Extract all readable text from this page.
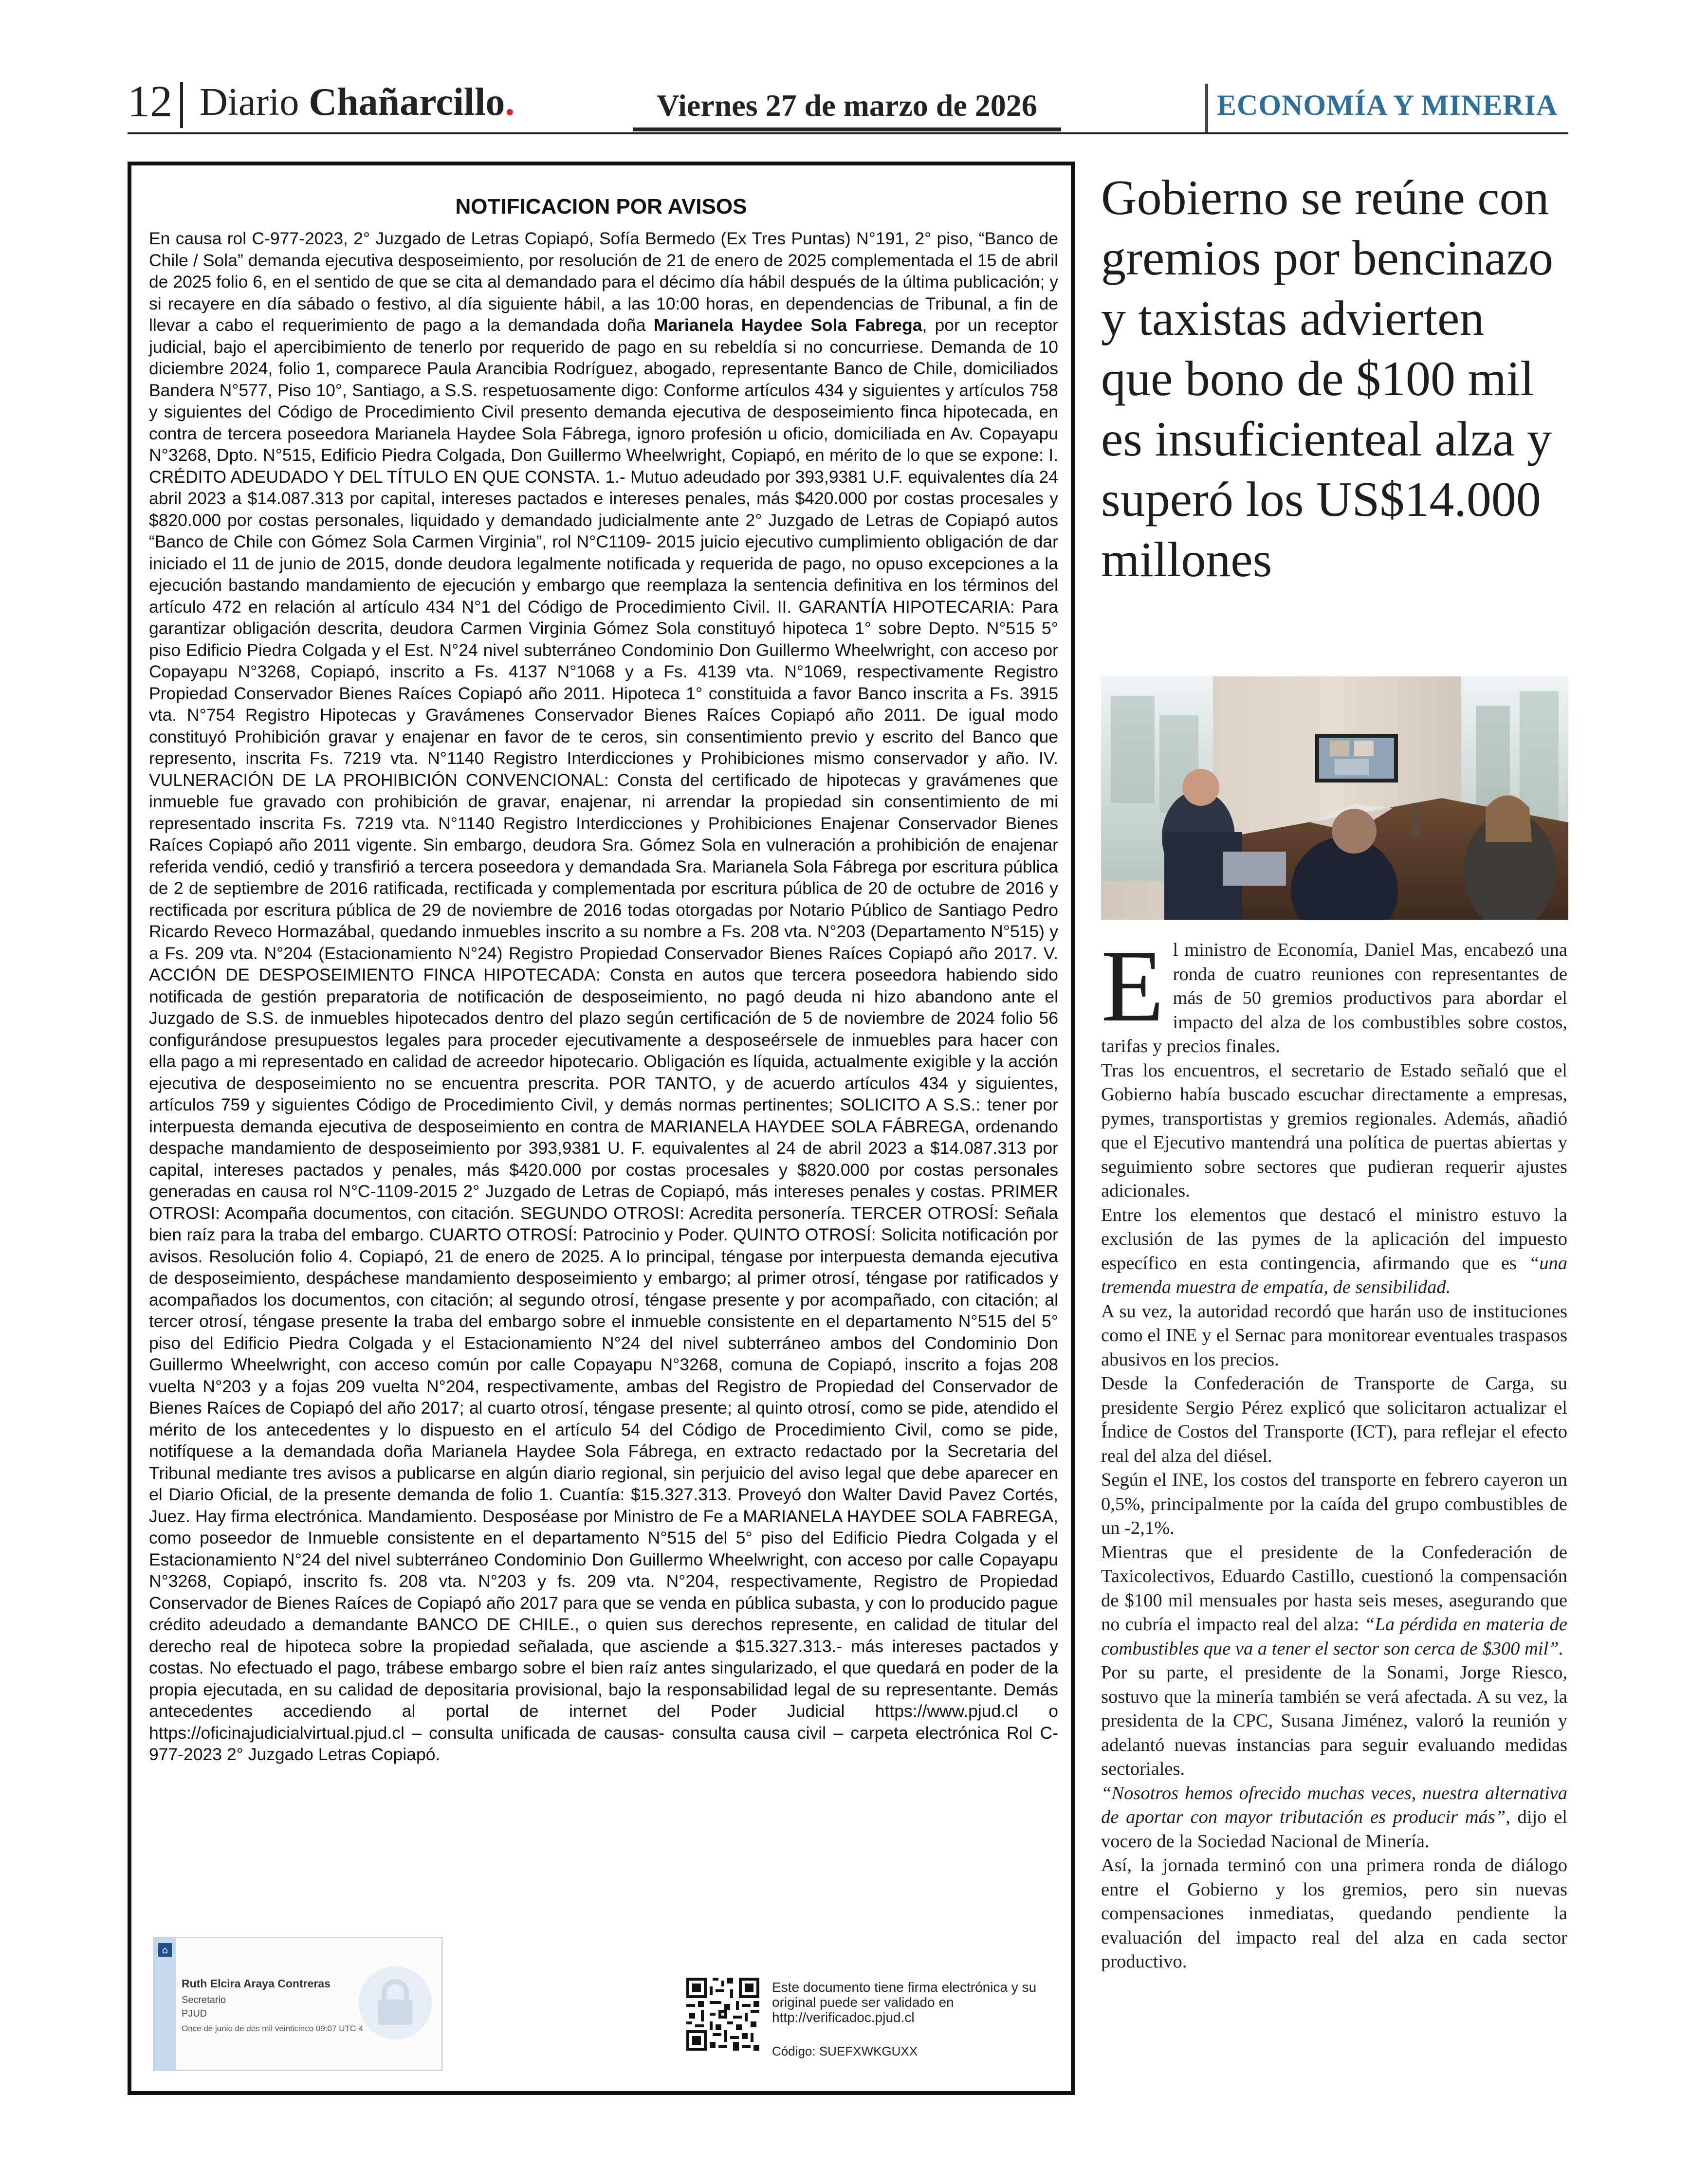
12 Diario Chañarcillo.	Viernes 27 de marzo de 2026	ECONOMÍA Y MINERIA
NOTIFICACION POR AVISOS

En causa rol C-977-2023, 2° Juzgado de Letras Copiapó, Sofía Bermedo (Ex Tres Puntas) N°191, 2° piso, “Banco de Chile / Sola” demanda ejecutiva desposeimiento, por resolución de 21 de enero de 2025 complementada el 15 de abril de 2025 folio 6, en el sentido de que se cita al demandado para el décimo día hábil después de la última publicación; y si recayere en día sábado o festivo, al día siguiente hábil, a las 10:00 horas, en dependencias de Tribunal, a fin de llevar a cabo el requerimiento de pago a la demandada doña Marianela Haydee Sola Fabrega, por un receptor judicial, bajo el apercibimiento de tenerlo por requerido de pago en su rebeldía si no concurriese. Demanda de 10 diciembre 2024, folio 1, comparece Paula Arancibia Rodríguez, abogado, representante Banco de Chile, domiciliados Bandera N°577, Piso 10°, Santiago, a S.S. respetuosamente digo: Conforme artículos 434 y siguientes y artículos 758 y siguientes del Código de Procedimiento Civil presento demanda ejecutiva de desposeimiento finca hipotecada, en contra de tercera poseedora Marianela Haydee Sola Fábrega, ignoro profesión u oficio, domiciliada en Av. Copayapu N°3268, Dpto. N°515, Edificio Piedra Colgada, Don Guillermo Wheelwright, Copiapó, en mérito de lo que se expone: I. CRÉDITO ADEUDADO Y DEL TÍTULO EN QUE CONSTA. 1.- Mutuo adeudado por 393,9381 U.F. equivalentes día 24 abril 2023 a $14.087.313 por capital, intereses pactados e intereses penales, más $420.000 por costas procesales y $820.000 por costas personales, liquidado y demandado judicialmente ante 2° Juzgado de Letras de Copiapó autos “Banco de Chile con Gómez Sola Carmen Virginia”, rol N°C1109- 2015 juicio ejecutivo cumplimiento obligación de dar iniciado el 11 de junio de 2015, donde deudora legalmente notificada y requerida de pago, no opuso excepciones a la ejecución bastando mandamiento de ejecución y embargo que reemplaza la sentencia definitiva en los términos del artículo 472 en relación al artículo 434 N°1 del Código de Procedimiento Civil. II. GARANTÍA HIPOTECARIA: Para garantizar obligación descrita, deudora Carmen Virginia Gómez Sola constituyó hipoteca 1° sobre Depto. N°515 5° piso Edificio Piedra Colgada y el Est. N°24 nivel subterráneo Condominio Don Guillermo Wheelwright, con acceso por Copayapu N°3268, Copiapó, inscrito a Fs. 4137 N°1068 y a Fs. 4139 vta. N°1069, respectivamente Registro Propiedad Conservador Bienes Raíces Copiapó año 2011. Hipoteca 1° constituida a favor Banco inscrita a Fs. 3915 vta. N°754 Registro Hipotecas y Gravámenes Conservador Bienes Raíces Copiapó año 2011. De igual modo constituyó Prohibición gravar y enajenar en favor de te ceros, sin consentimiento previo y escrito del Banco que represento, inscrita Fs. 7219 vta. N°1140 Registro Interdicciones y Prohibiciones mismo conservador y año. IV. VULNERACIÓN DE LA PROHIBICIÓN CONVENCIONAL: Consta del certificado de hipotecas y gravámenes que inmueble fue gravado con prohibición de gravar, enajenar, ni arrendar la propiedad sin consentimiento de mi representado inscrita Fs. 7219 vta. N°1140 Registro Interdicciones y Prohibiciones Enajenar Conservador Bienes Raíces Copiapó año 2011 vigente. Sin embargo, deudora Sra. Gómez Sola en vulneración a prohibición de enajenar referida vendió, cedió y transfirió a tercera poseedora y demandada Sra. Marianela Sola Fábrega por escritura pública de 2 de septiembre de 2016 ratificada, rectificada y complementada por escritura pública de 20 de octubre de 2016 y rectificada por escritura pública de 29 de noviembre de 2016 todas otorgadas por Notario Público de Santiago Pedro Ricardo Reveco Hormazábal, quedando inmuebles inscrito a su nombre a Fs. 208 vta. N°203 (Departamento N°515) y a Fs. 209 vta. N°204 (Estacionamiento N°24) Registro Propiedad Conservador Bienes Raíces Copiapó año 2017. V. ACCIÓN DE DESPOSEIMIENTO FINCA HIPOTECADA: Consta en autos que tercera poseedora habiendo sido notificada de gestión preparatoria de notificación de desposeimiento, no pagó deuda ni hizo abandono ante el Juzgado de S.S. de inmuebles hipotecados dentro del plazo según certificación de 5 de noviembre de 2024 folio 56 configurándose presupuestos legales para proceder ejecutivamente a desposeérsele de inmuebles para hacer con ella pago a mi representado en calidad de acreedor hipotecario. Obligación es líquida, actualmente exigible y la acción ejecutiva de desposeimiento no se encuentra prescrita. POR TANTO, y de acuerdo artículos 434 y siguientes, artículos 759 y siguientes Código de Procedimiento Civil, y demás normas pertinentes; SOLICITO A S.S.: tener por interpuesta demanda ejecutiva de desposeimiento en contra de MARIANELA HAYDEE SOLA FÁBREGA, ordenando despache mandamiento de desposeimiento por 393,9381 U. F. equivalentes al 24 de abril 2023 a $14.087.313 por capital, intereses pactados y penales, más $420.000 por costas procesales y $820.000 por costas personales generadas en causa rol N°C-1109-2015 2° Juzgado de Letras de Copiapó, más intereses penales y costas. PRIMER OTROSI: Acompaña documentos, con citación. SEGUNDO OTROSI: Acredita personería. TERCER OTROSÍ: Señala bien raíz para la traba del embargo. CUARTO OTROSÍ: Patrocinio y Poder. QUINTO OTROSÍ: Solicita notificación por avisos. Resolución folio 4. Copiapó, 21 de enero de 2025. A lo principal, téngase por interpuesta demanda ejecutiva de desposeimiento, despáchese mandamiento desposeimiento y embargo; al primer otrosí, téngase por ratificados y acompañados los documentos, con citación; al segundo otrosí, téngase presente y por acompañado, con citación; al tercer otrosí, téngase presente la traba del embargo sobre el inmueble consistente en el departamento N°515 del 5° piso del Edificio Piedra Colgada y el Estacionamiento N°24 del nivel subterráneo ambos del Condominio Don Guillermo Wheelwright, con acceso común por calle Copayapu N°3268, comuna de Copiapó, inscrito a fojas 208 vuelta N°203 y a fojas 209 vuelta N°204, respectivamente, ambas del Registro de Propiedad del Conservador de Bienes Raíces de Copiapó del año 2017; al cuarto otrosí, téngase presente; al quinto otrosí, como se pide, atendido el mérito de los antecedentes y lo dispuesto en el artículo 54 del Código de Procedimiento Civil, como se pide, notifíquese a la demandada doña Marianela Haydee Sola Fábrega, en extracto redactado por la Secretaria del Tribunal mediante tres avisos a publicarse en algún diario regional, sin perjuicio del aviso legal que debe aparecer en el Diario Oficial, de la presente demanda de folio 1. Cuantía: $15.327.313. Proveyó don Walter David Pavez Cortés, Juez. Hay firma electrónica. Mandamiento. Desposéase por Ministro de Fe a MARIANELA HAYDEE SOLA FABREGA, como poseedor de Inmueble consistente en el departamento N°515 del 5° piso del Edificio Piedra Colgada y el Estacionamiento N°24 del nivel subterráneo Condominio Don Guillermo Wheelwright, con acceso por calle Copayapu N°3268, Copiapó, inscrito fs. 208 vta. N°203 y fs. 209 vta. N°204, respectivamente, Registro de Propiedad Conservador de Bienes Raíces de Copiapó año 2017 para que se venda en pública subasta, y con lo producido pague crédito adeudado a demandante BANCO DE CHILE., o quien sus derechos represente, en calidad de titular del derecho real de hipoteca sobre la propiedad señalada, que asciende a $15.327.313.- más intereses pactados y costas. No efectuado el pago, trábese embargo sobre el bien raíz antes singularizado, el que quedará en poder de la propia ejecutada, en su calidad de depositaria provisional, bajo la responsabilidad legal de su representante. Demás antecedentes accediendo al portal de internet del Poder Judicial https://www.pjud.cl o https://oficinajudicialvirtual.pjud.cl – consulta unificada de causas- consulta causa civil – carpeta electrónica Rol C-977-2023 2° Juzgado Letras Copiapó.

⌂
Ruth Elcira Araya Contreras
Secretario
PJUD
Once de junio de dos mil veinticinco 09:07 UTC-4

Este documento tiene firma electrónica y su original puede ser validado en http://verificadoc.pjud.cl

Código: SUEFXWKGUXX
Gobierno se reúne con gremios por bencinazo y taxistas advierten que bono de $100 mil es insuficienteal alza y superó los US$14.000 millones

El ministro de Economía, Daniel Mas, encabezó una ronda de cuatro reuniones con representantes de más de 50 gremios productivos para abordar el impacto del alza de los combustibles sobre costos, tarifas y precios finales.

Tras los encuentros, el secretario de Estado señaló que el Gobierno había buscado escuchar directamente a empresas, pymes, transportistas y gremios regionales. Además, añadió que el Ejecutivo mantendrá una política de puertas abiertas y seguimiento sobre sectores que pudieran requerir ajustes adicionales.

Entre los elementos que destacó el ministro estuvo la exclusión de las pymes de la aplicación del impuesto específico en esta contingencia, afirmando que es “una tremenda muestra de empatía, de sensibilidad.

A su vez, la autoridad recordó que harán uso de instituciones como el INE y el Sernac para monitorear eventuales traspasos abusivos en los precios.

Desde la Confederación de Transporte de Carga, su presidente Sergio Pérez explicó que solicitaron actualizar el Índice de Costos del Transporte (ICT), para reflejar el efecto real del alza del diésel.

Según el INE, los costos del transporte en febrero cayeron un 0,5%, principalmente por la caída del grupo combustibles de un -2,1%.

Mientras que el presidente de la Confederación de Taxicolectivos, Eduardo Castillo, cuestionó la compensación de $100 mil mensuales por hasta seis meses, asegurando que no cubría el impacto real del alza: “La pérdida en materia de combustibles que va a tener el sector son cerca de $300 mil”.

Por su parte, el presidente de la Sonami, Jorge Riesco, sostuvo que la minería también se verá afectada. A su vez, la presidenta de la CPC, Susana Jiménez, valoró la reunión y adelantó nuevas instancias para seguir evaluando medidas sectoriales.

“Nosotros hemos ofrecido muchas veces, nuestra alternativa de aportar con mayor tributación es producir más”, dijo el vocero de la Sociedad Nacional de Minería.

Así, la jornada terminó con una primera ronda de diálogo entre el Gobierno y los gremios, pero sin nuevas compensaciones inmediatas, quedando pendiente la evaluación del impacto real del alza en cada sector productivo.
